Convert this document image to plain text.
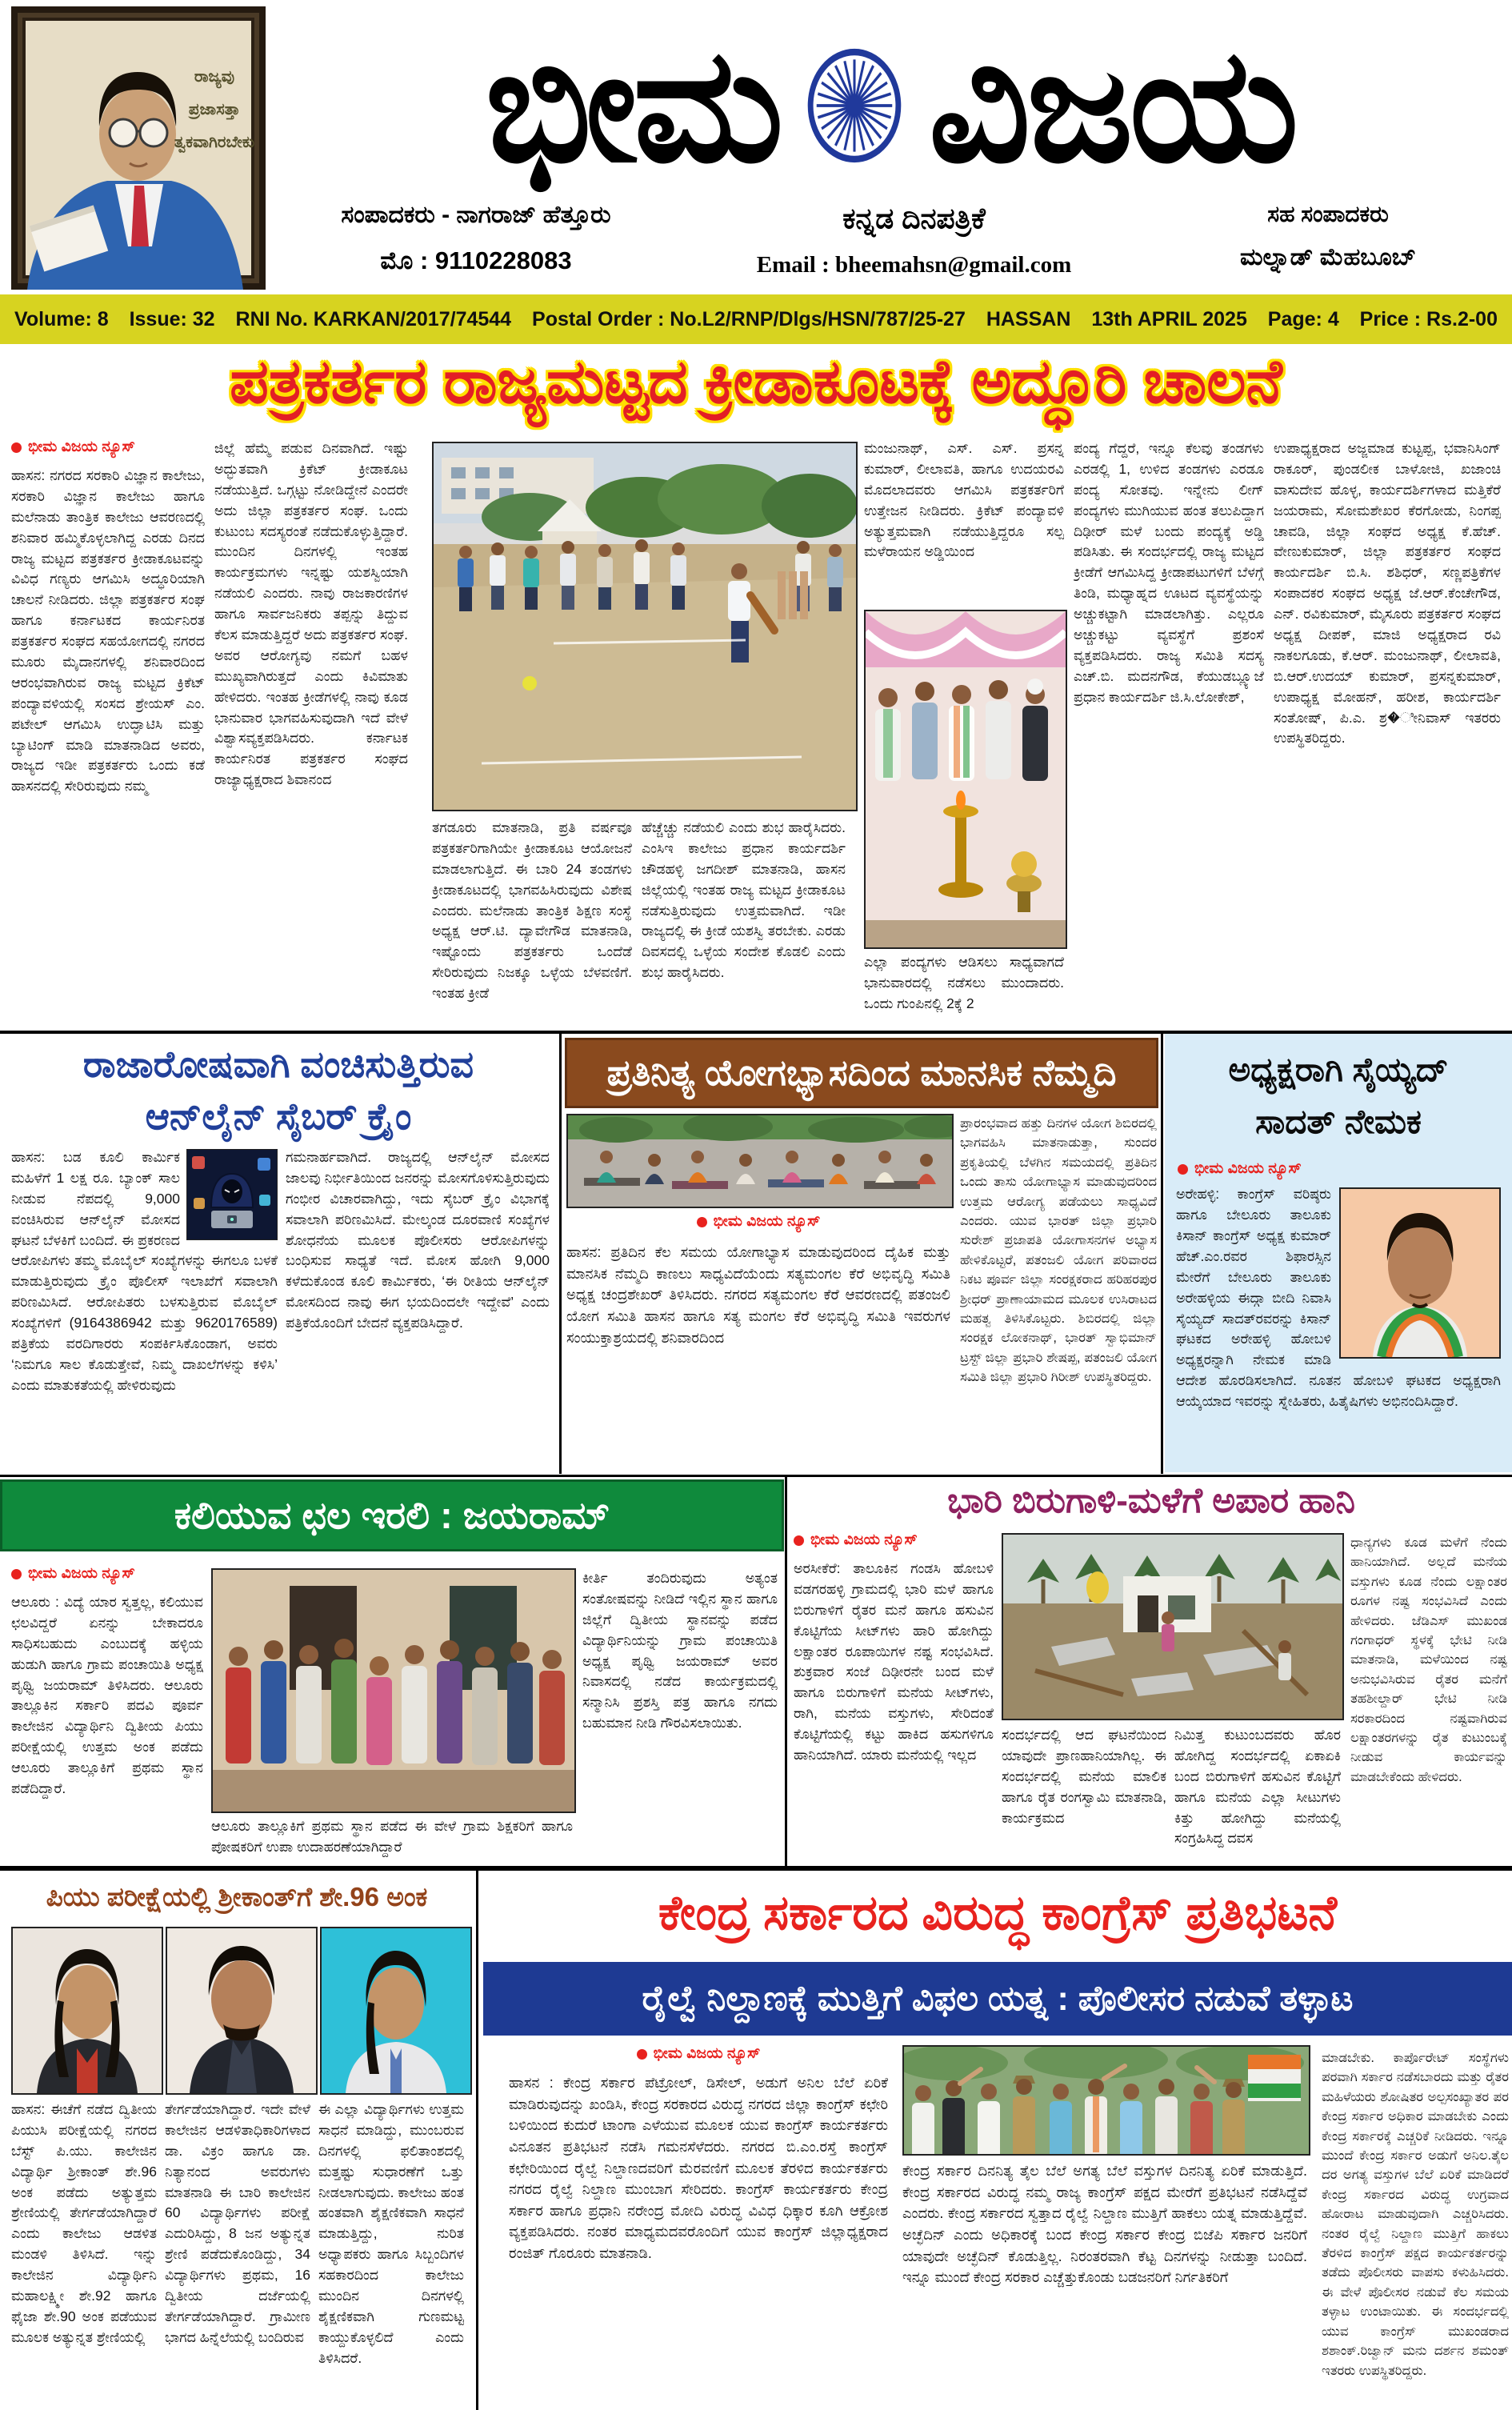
ರಾಜ್ಯವು
ಪ್ರಜಾಸತ್ತಾ
ತ್ವಕವಾಗಿರಬೇಕು ಭೀಮ ವಿಜಯ
ಸಂಪಾದಕರು - ನಾಗರಾಜ್ ಹೆತ್ತೂರು
ಮೊ : 9110228083
ಕನ್ನಡ ದಿನಪತ್ರಿಕೆ
Email : bheemahsn@gmail.com
ಸಹ ಸಂಪಾದಕರು
ಮಲ್ನಾಡ್ ಮೆಹಬೂಬ್
Volume: 8 Issue: 32 RNI No. KARKAN/2017/74544 Postal Order : No.L2/RNP/Dlgs/HSN/787/25-27 HASSAN 13th APRIL 2025 Page: 4 Price : Rs.2-00
ಪತ್ರಕರ್ತರ ರಾಜ್ಯಮಟ್ಟದ ಕ್ರೀಡಾಕೂಟಕ್ಕೆ ಅದ್ಧೂರಿ ಚಾಲನೆ
ಭೀಮ ವಿಜಯ ನ್ಯೂಸ್
ಹಾಸನ: ನಗರದ ಸರಕಾರಿ ವಿಜ್ಞಾನ ಕಾಲೇಜು, ಸರಕಾರಿ ವಿಜ್ಞಾನ ಕಾಲೇಜು ಹಾಗೂ ಮಲೆನಾಡು ತಾಂತ್ರಿಕ ಕಾಲೇಜು ಆವರಣದಲ್ಲಿ ಶನಿವಾರ ಹಮ್ಮಿಕೊಳ್ಳಲಾಗಿದ್ದ ಎರಡು ದಿನದ ರಾಜ್ಯ ಮಟ್ಟದ ಪತ್ರಕರ್ತರ ಕ್ರೀಡಾಕೂಟವನ್ನು ವಿವಿಧ ಗಣ್ಯರು ಆಗಮಿಸಿ ಅದ್ಧೂರಿಯಾಗಿ ಚಾಲನೆ ನೀಡಿದರು. ಜಿಲ್ಲಾ ಪತ್ರಕರ್ತರ ಸಂಘ ಹಾಗೂ ಕರ್ನಾಟಕದ ಕಾರ್ಯನಿರತ ಪತ್ರಕರ್ತರ ಸಂಘದ ಸಹಯೋಗದಲ್ಲಿ ನಗರದ ಮೂರು ಮೈದಾನಗಳಲ್ಲಿ ಶನಿವಾರದಿಂದ ಆರಂಭವಾಗಿರುವ ರಾಜ್ಯ ಮಟ್ಟದ ಕ್ರಿಕೆಟ್ ಪಂದ್ಯಾವಳಿಯಲ್ಲಿ ಸಂಸದ ಶ್ರೇಯಸ್ ಎಂ. ಪಟೇಲ್ ಆಗಮಿಸಿ ಉದ್ಘಾಟಿಸಿ ಮತ್ತು ಬ್ಯಾಟಿಂಗ್ ಮಾಡಿ ಮಾತನಾಡಿದ ಅವರು, ರಾಜ್ಯದ ಇಡೀ ಪತ್ರಕರ್ತರು ಒಂದು ಕಡೆ ಹಾಸನದಲ್ಲಿ ಸೇರಿರುವುದು ನಮ್ಮ
ಜಿಲ್ಲೆ ಹೆಮ್ಮೆ ಪಡುವ ದಿನವಾಗಿದೆ. ಇಷ್ಟು ಅದ್ಭುತವಾಗಿ ಕ್ರಿಕೆಟ್ ಕ್ರೀಡಾಕೂಟ ನಡೆಯುತ್ತಿದೆ. ಒಗ್ಗಟ್ಟು ನೋಡಿದ್ದೇನೆ ಎಂದರೇ ಅದು ಜಿಲ್ಲಾ ಪತ್ರಕರ್ತರ ಸಂಘ. ಒಂದು ಕುಟುಂಬ ಸದಸ್ಯರಂತೆ ನಡೆದುಕೊಳ್ಳುತ್ತಿದ್ದಾರೆ. ಮುಂದಿನ ದಿನಗಳಲ್ಲಿ ಇಂತಹ ಕಾರ್ಯಕ್ರಮಗಳು ಇನ್ನಷ್ಟು ಯಶಸ್ವಿಯಾಗಿ ನಡೆಯಲಿ ಎಂದರು. ನಾವು ರಾಜಕಾರಣಿಗಳ ಹಾಗೂ ಸಾರ್ವಜನಿಕರು ತಪ್ಪನ್ನು ತಿದ್ದುವ ಕೆಲಸ ಮಾಡುತ್ತಿದ್ದರೆ ಅದು ಪತ್ರಕರ್ತರ ಸಂಘ. ಅವರ ಆರೋಗ್ಯವು ನಮಗೆ ಬಹಳ ಮುಖ್ಯವಾಗಿರುತ್ತದೆ ಎಂದು ಕಿವಿಮಾತು ಹೇಳಿದರು. ಇಂತಹ ಕ್ರೀಡೆಗಳಲ್ಲಿ ನಾವು ಕೂಡ ಭಾನುವಾರ ಭಾಗವಹಿಸುವುದಾಗಿ ಇದೆ ವೇಳೆ ವಿಶ್ವಾಸವ್ಯಕ್ತಪಡಿಸಿದರು. ಕರ್ನಾಟಕ ಕಾರ್ಯನಿರತ ಪತ್ರಕರ್ತರ ಸಂಘದ ರಾಜ್ಯಾಧ್ಯಕ್ಷರಾದ ಶಿವಾನಂದ
ತಗಡೂರು ಮಾತನಾಡಿ, ಪ್ರತಿ ವರ್ಷವೂ ಪತ್ರಕರ್ತರಿಗಾಗಿಯೇ ಕ್ರೀಡಾಕೂಟ ಆಯೋಜನೆ ಮಾಡಲಾಗುತ್ತಿದೆ. ಈ ಬಾರಿ 24 ತಂಡಗಳು ಕ್ರೀಡಾಕೂಟದಲ್ಲಿ ಭಾಗವಹಿಸಿರುವುದು ವಿಶೇಷ ಎಂದರು. ಮಲೆನಾಡು ತಾಂತ್ರಿಕ ಶಿಕ್ಷಣ ಸಂಸ್ಥೆ ಅಧ್ಯಕ್ಷ ಆರ್.ಟಿ. ದ್ಯಾವೇಗೌಡ ಮಾತನಾಡಿ, ಇಷ್ಟೊಂದು ಪತ್ರಕರ್ತರು ಒಂದೆಡೆ ಸೇರಿರುವುದು ನಿಜಕ್ಕೂ ಒಳ್ಳೆಯ ಬೆಳವಣಿಗೆ. ಇಂತಹ ಕ್ರೀಡೆ
ಹೆಚ್ಚೆಚ್ಚು ನಡೆಯಲಿ ಎಂದು ಶುಭ ಹಾರೈಸಿದರು. ಎಂಸಿಇ ಕಾಲೇಜು ಪ್ರಧಾನ ಕಾರ್ಯದರ್ಶಿ ಚೌಡಹಳ್ಳಿ ಜಗದೀಶ್ ಮಾತನಾಡಿ, ಹಾಸನ ಜಿಲ್ಲೆಯಲ್ಲಿ ಇಂತಹ ರಾಜ್ಯ ಮಟ್ಟದ ಕ್ರೀಡಾಕೂಟ ನಡೆಸುತ್ತಿರುವುದು ಉತ್ತಮವಾಗಿದೆ. ಇಡೀ ರಾಜ್ಯದಲ್ಲಿ ಈ ಕ್ರೀಡೆ ಯಶಸ್ವಿ ತರಬೇಕು. ಎರಡು ದಿವಸದಲ್ಲಿ ಒಳ್ಳೆಯ ಸಂದೇಶ ಕೊಡಲಿ ಎಂದು ಶುಭ ಹಾರೈಸಿದರು.
ಮಂಜುನಾಥ್, ಎಸ್. ಎಸ್. ಪ್ರಸನ್ನ ಕುಮಾರ್, ಲೀಲಾವತಿ, ಹಾಗೂ ಉದಯರವಿ ಮೊದಲಾದವರು ಆಗಮಿಸಿ ಪತ್ರಕರ್ತರಿಗೆ ಉತ್ತೇಜನ ನೀಡಿದರು. ಕ್ರಿಕೆಟ್ ಪಂದ್ಯಾವಳಿ ಅತ್ಯುತ್ತಮವಾಗಿ ನಡೆಯುತ್ತಿದ್ದರೂ ಸಲ್ಪ ಮಳೆರಾಯನ ಅಡ್ಡಿಯಿಂದ
ಎಲ್ಲಾ ಪಂದ್ಯಗಳು ಆಡಿಸಲು ಸಾಧ್ಯವಾಗದೆ ಭಾನುವಾರದಲ್ಲಿ ನಡೆಸಲು ಮುಂದಾದರು. ಒಂದು ಗುಂಪಿನಲ್ಲಿ 2ಕ್ಕೆ 2
ಪಂದ್ಯ ಗೆದ್ದರೆ, ಇನ್ನೂ ಕೆಲವು ತಂಡಗಳು ಎರಡಲ್ಲಿ 1, ಉಳಿದ ತಂಡಗಳು ಎರಡೂ ಪಂದ್ಯ ಸೋತವು. ಇನ್ನೇನು ಲೀಗ್ ಪಂದ್ಯಗಳು ಮುಗಿಯುವ ಹಂತ ತಲುಪಿದ್ದಾಗ ದಿಢೀರ್ ಮಳೆ ಬಂದು ಪಂದ್ಯಕ್ಕೆ ಅಡ್ಡಿ ಪಡಿಸಿತು. ಈ ಸಂದರ್ಭದಲ್ಲಿ ರಾಜ್ಯ ಮಟ್ಟದ ಕ್ರೀಡೆಗೆ ಆಗಮಿಸಿದ್ದ ಕ್ರೀಡಾಪಟುಗಳಿಗೆ ಬೆಳಗ್ಗೆ ತಿಂಡಿ, ಮಧ್ಯಾಹ್ನದ ಊಟದ ವ್ಯವಸ್ಥೆಯನ್ನು ಅಚ್ಚುಕಟ್ಟಾಗಿ ಮಾಡಲಾಗಿತ್ತು. ಎಲ್ಲರೂ ಅಚ್ಚುಕಟ್ಟು ವ್ಯವಸ್ಥೆಗೆ ಪ್ರಶಂಸೆ ವ್ಯಕ್ತಪಡಿಸಿದರು. ರಾಜ್ಯ ಸಮಿತಿ ಸದಸ್ಯ ಎಚ್.ಬಿ. ಮದನಗೌಡ, ಕೆಯುಡಬ್ಲ್ಯೂಜೆ ಪ್ರಧಾನ ಕಾರ್ಯದರ್ಶಿ ಜಿ.ಸಿ.ಲೋಕೇಶ್,
ಉಪಾಧ್ಯಕ್ಷರಾದ ಅಜ್ಜಮಾಡ ಕುಟ್ಟಪ್ಪ, ಭವಾನಿಸಿಂಗ್ ರಾಕೂರ್, ಪುಂಡಲೀಕ ಬಾಳೋಜಿ, ಖಜಾಂಚಿ ವಾಸುದೇವ ಹೊಳ್ಳ, ಕಾರ್ಯದರ್ಶಿಗಳಾದ ಮತ್ತಿಕೆರೆ ಜಯರಾಮ, ಸೋಮಶೇಖರ ಕೆರಗೋಡು, ನಿಂಗಪ್ಪ ಚಾವಡಿ, ಜಿಲ್ಲಾ ಸಂಘದ ಅಧ್ಯಕ್ಷ ಕೆ.ಹೆಚ್. ವೇಣುಕುಮಾರ್, ಜಿಲ್ಲಾ ಪತ್ರಕರ್ತರ ಸಂಘದ ಕಾರ್ಯದರ್ಶಿ ಬಿ.ಸಿ. ಶಶಿಧರ್, ಸಣ್ಣಪತ್ರಿಕೆಗಳ ಸಂಪಾದಕರ ಸಂಘದ ಅಧ್ಯಕ್ಷ ಜೆ.ಆರ್.ಕೆಂಚೇಗೌಡ, ಎನ್. ರವಿಕುಮಾರ್, ಮೈಸೂರು ಪತ್ರಕರ್ತರ ಸಂಘದ ಅಧ್ಯಕ್ಷ ದೀಪಕ್, ಮಾಜಿ ಅಧ್ಯಕ್ಷರಾದ ರವಿ ನಾಕಲಗೂಡು, ಕೆ.ಆರ್. ಮಂಜುನಾಥ್, ಲೀಲಾವತಿ, ಬಿ.ಆರ್.ಉದಯ್ ಕುಮಾರ್, ಪ್ರಸನ್ನಕುಮಾರ್, ಉಪಾಧ್ಯಕ್ಷ ಮೋಹನ್, ಹರೀಶ, ಕಾರ್ಯದರ್ಶಿ ಸಂತೋಷ್, ಪಿ.ಎ. ಶ್ರ�ೀನಿವಾಸ್ ಇತರರು ಉಪಸ್ಥಿತರಿದ್ದರು.
ರಾಜಾರೋಷವಾಗಿ ವಂಚಿಸುತ್ತಿರುವ
ಆನ್‌ಲೈನ್ ಸೈಬರ್ ಕ್ರೈಂ
ಹಾಸನ: ಬಡ ಕೂಲಿ ಕಾರ್ಮಿಕ ಮಹಿಳೆಗೆ 1 ಲಕ್ಷ ರೂ. ಬ್ಯಾಂಕ್ ಸಾಲ ನೀಡುವ ನೆಪದಲ್ಲಿ 9,000 ವಂಚಿಸಿರುವ ಆನ್‌ಲೈನ್ ಮೋಸದ ಘಟನೆ ಬೆಳಕಿಗೆ ಬಂದಿದೆ. ಈ ಪ್ರಕರಣದ ಆರೋಪಿಗಳು ತಮ್ಮ ಮೊಬೈಲ್ ಸಂಖ್ಯೆಗಳನ್ನು ಈಗಲೂ ಬಳಕೆ ಮಾಡುತ್ತಿರುವುದು ಕ್ರೈಂ ಪೊಲೀಸ್ ಇಲಾಖೆಗೆ ಸವಾಲಾಗಿ ಪರಿಣಮಿಸಿದೆ. ಆರೋಪಿತರು ಬಳಸುತ್ತಿರುವ ಮೊಬೈಲ್ ಸಂಖ್ಯೆಗಳಿಗೆ (9164386942 ಮತ್ತು 9620176589) ಪತ್ರಿಕೆಯ ವರದಿಗಾರರು ಸಂಪರ್ಕಿಸಿಕೊಂಡಾಗ, ಅವರು ‘ನಿಮಗೂ ಸಾಲ ಕೊಡುತ್ತೇವೆ, ನಿಮ್ಮ ದಾಖಲೆಗಳನ್ನು ಕಳಿಸಿ’ ಎಂದು ಮಾತುಕತೆಯಲ್ಲಿ ಹೇಳಿರುವುದು
ಗಮನಾರ್ಹವಾಗಿದೆ. ರಾಜ್ಯದಲ್ಲಿ ಆನ್‌ಲೈನ್ ಮೋಸದ ಜಾಲವು ನಿರ್ಭೀತಿಯಿಂದ ಜನರನ್ನು ಮೋಸಗೊಳಿಸುತ್ತಿರುವುದು ಗಂಭೀರ ವಿಚಾರವಾಗಿದ್ದು, ಇದು ಸೈಬರ್ ಕ್ರೈಂ ವಿಭಾಗಕ್ಕೆ ಸವಾಲಾಗಿ ಪರಿಣಮಿಸಿದೆ. ಮೇಲ್ಕಂಡ ದೂರವಾಣಿ ಸಂಖ್ಯೆಗಳ ಶೋಧನೆಯ ಮೂಲಕ ಪೊಲೀಸರು ಆರೋಪಿಗಳನ್ನು ಬಂಧಿಸುವ ಸಾಧ್ಯತೆ ಇದೆ. ಮೋಸ ಹೋಗಿ 9,000 ಕಳೆದುಕೊಂಡ ಕೂಲಿ ಕಾರ್ಮಿಕರು, ‘ಈ ರೀತಿಯ ಆನ್‌ಲೈನ್ ಮೋಸದಿಂದ ನಾವು ಈಗ ಭಯದಿಂದಲೇ ಇದ್ದೇವೆ’ ಎಂದು ಪತ್ರಿಕೆಯೊಂದಿಗೆ ಬೇದನೆ ವ್ಯಕ್ತಪಡಿಸಿದ್ದಾರೆ.
ಪ್ರತಿನಿತ್ಯ ಯೋಗಭ್ಯಾಸದಿಂದ ಮಾನಸಿಕ ನೆಮ್ಮದಿ
ಭೀಮ ವಿಜಯ ನ್ಯೂಸ್
ಹಾಸನ: ಪ್ರತಿದಿನ ಕೆಲ ಸಮಯ ಯೋಗಾಭ್ಯಾಸ ಮಾಡುವುದರಿಂದ ದೈಹಿಕ ಮತ್ತು ಮಾನಸಿಕ ನೆಮ್ಮದಿ ಕಾಣಲು ಸಾಧ್ಯವಿದೆಯೆಂದು ಸತ್ಯಮಂಗಲ ಕೆರೆ ಅಭಿವೃದ್ಧಿ ಸಮಿತಿ ಅಧ್ಯಕ್ಷ ಚಂದ್ರಶೇಖರ್ ತಿಳಿಸಿದರು. ನಗರದ ಸತ್ಯಮಂಗಲ ಕೆರೆ ಆವರಣದಲ್ಲಿ ಪತಂಜಲಿ ಯೋಗ ಸಮಿತಿ ಹಾಸನ ಹಾಗೂ ಸತ್ಯ ಮಂಗಲ ಕೆರೆ ಅಭಿವೃದ್ಧಿ ಸಮಿತಿ ಇವರುಗಳ ಸಂಯುಕ್ತಾಶ್ರಯದಲ್ಲಿ ಶನಿವಾರದಿಂದ
ಪ್ರಾರಂಭವಾದ ಹತ್ತು ದಿನಗಳ ಯೋಗ ಶಿಬಿರದಲ್ಲಿ ಭಾಗವಹಿಸಿ ಮಾತನಾಡುತ್ತಾ, ಸುಂದರ ಪ್ರಕೃತಿಯಲ್ಲಿ ಬೆಳಗಿನ ಸಮಯದಲ್ಲಿ ಪ್ರತಿದಿನ ಒಂದು ತಾಸು ಯೋಗಾಭ್ಯಾಸ ಮಾಡುವುದರಿಂದ ಉತ್ತಮ ಆರೋಗ್ಯ ಪಡೆಯಲು ಸಾಧ್ಯವಿದೆ ಎಂದರು. ಯುವ ಭಾರತ್ ಜಿಲ್ಲಾ ಪ್ರಭಾರಿ ಸುರೇಶ್ ಪ್ರಜಾಪತಿ ಯೋಗಾಸನಗಳ ಅಭ್ಯಾಸ ಹೇಳಿಕೊಟ್ಟರೆ, ಪತಂಜಲಿ ಯೋಗ ಪರಿವಾರದ ನಿಕಟ ಪೂರ್ವ ಜಿಲ್ಲಾ ಸಂರಕ್ಷಕರಾದ ಹರಿಹರಪುರ ಶ್ರೀಧರ್ ಪ್ರಾಣಾಯಾಮದ ಮೂಲಕ ಉಸಿರಾಟದ ಮಹತ್ವ ತಿಳಿಸಿಕೊಟ್ಟರು. ಶಿಬಿರದಲ್ಲಿ ಜಿಲ್ಲಾ ಸಂರಕ್ಷಕ ಲೋಕನಾಥ್, ಭಾರತ್ ಸ್ವಾಭಿಮಾನ್ ಟ್ರಸ್ಟ್ ಜಿಲ್ಲಾ ಪ್ರಭಾರಿ ಶೇಷಪ್ಪ, ಪತಂಜಲಿ ಯೋಗ ಸಮಿತಿ ಜಿಲ್ಲಾ ಪ್ರಭಾರಿ ಗಿರೀಶ್ ಉಪಸ್ಥಿತರಿದ್ದರು.
ಅಧ್ಯಕ್ಷರಾಗಿ ಸೈಯ್ಯದ್
ಸಾದತ್ ನೇಮಕ
ಭೀಮ ವಿಜಯ ನ್ಯೂಸ್
ಅರೇಹಳ್ಳಿ: ಕಾಂಗ್ರೆಸ್ ವರಿಷ್ಠರು ಹಾಗೂ ಬೇಲೂರು ತಾಲೂಕು ಕಿಸಾನ್ ಕಾಂಗ್ರೆಸ್ ಅಧ್ಯಕ್ಷ ಕುಮಾರ್ ಹೆಚ್.ಎಂ.ರವರ ಶಿಫಾರಸ್ಸಿನ ಮೇರೆಗೆ ಬೇಲೂರು ತಾಲೂಕು ಅರೇಹಳ್ಳಿಯ ಈದ್ಗಾ ಬೀದಿ ನಿವಾಸಿ ಸೈಯ್ಯದ್ ಸಾದತ್‌ರವರನ್ನು ಕಿಸಾನ್ ಘಟಕದ ಅರೇಹಳ್ಳಿ ಹೋಬಳಿ ಅಧ್ಯಕ್ಷರನ್ನಾಗಿ ನೇಮಕ ಮಾಡಿ ಆದೇಶ ಹೊರಡಿಸಲಾಗಿದೆ. ನೂತನ ಹೋಬಳಿ ಘಟಕದ ಅಧ್ಯಕ್ಷರಾಗಿ ಆಯ್ಕೆಯಾದ ಇವರನ್ನು ಸ್ನೇಹಿತರು, ಹಿತೈಷಿಗಳು ಅಭಿನಂದಿಸಿದ್ದಾರೆ.
ಕಲಿಯುವ ಛಲ ಇರಲಿ : ಜಯರಾಮ್
ಭೀಮ ವಿಜಯ ನ್ಯೂಸ್
ಆಲೂರು : ವಿದ್ಯೆ ಯಾರ ಸ್ವತ್ತಲ್ಲ, ಕಲಿಯುವ ಛಲವಿದ್ದರೆ ಏನನ್ನು ಬೇಕಾದರೂ ಸಾಧಿಸಬಹುದು ಎಂಬುದಕ್ಕೆ ಹಳ್ಳಿಯ ಹುಡುಗಿ ಹಾಗೂ ಗ್ರಾಮ ಪಂಚಾಯಿತಿ ಅಧ್ಯಕ್ಷ ಪೃಥ್ವಿ ಜಯರಾಮ್ ತಿಳಿಸಿದರು. ಆಲೂರು ತಾಲ್ಲೂಕಿನ ಸರ್ಕಾರಿ ಪದವಿ ಪೂರ್ವ ಕಾಲೇಜಿನ ವಿದ್ಯಾರ್ಥಿನಿ ದ್ವಿತೀಯ ಪಿಯು ಪರೀಕ್ಷೆಯಲ್ಲಿ ಉತ್ತಮ ಅಂಕ ಪಡೆದು ಆಲೂರು ತಾಲ್ಲೂಕಿಗೆ ಪ್ರಥಮ ಸ್ಥಾನ ಪಡೆದಿದ್ದಾರೆ.
ಆಲೂರು ತಾಲ್ಲೂಕಿಗೆ ಪ್ರಥಮ ಸ್ಥಾನ ಪಡೆದ ಈ ವೇಳೆ ಗ್ರಾಮ ಶಿಕ್ಷಕರಿಗೆ ಹಾಗೂ ಪೋಷಕರಿಗೆ ಉಪಾ ಉದಾಹರಣೆಯಾಗಿದ್ದಾರೆ
ಕೀರ್ತಿ ತಂದಿರುವುದು ಅತ್ಯಂತ ಸಂತೋಷವನ್ನು ನೀಡಿದೆ ಇಲ್ಲಿನ ಸ್ಥಾನ ಹಾಗೂ ಜಿಲ್ಲೆಗೆ ದ್ವಿತೀಯ ಸ್ಥಾನವನ್ನು ಪಡೆದ ವಿದ್ಯಾರ್ಥಿನಿಯನ್ನು ಗ್ರಾಮ ಪಂಚಾಯಿತಿ ಅಧ್ಯಕ್ಷ ಪೃಥ್ವಿ ಜಯರಾಮ್ ಅವರ ನಿವಾಸದಲ್ಲಿ ನಡೆದ ಕಾರ್ಯಕ್ರಮದಲ್ಲಿ ಸನ್ಮಾನಿಸಿ ಪ್ರಶಸ್ತಿ ಪತ್ರ ಹಾಗೂ ನಗದು ಬಹುಮಾನ ನೀಡಿ ಗೌರವಿಸಲಾಯಿತು.
ಭಾರಿ ಬಿರುಗಾಳಿ-ಮಳೆಗೆ ಅಪಾರ ಹಾನಿ
ಭೀಮ ವಿಜಯ ನ್ಯೂಸ್
ಅರಸೀಕೆರೆ: ತಾಲೂಕಿನ ಗಂಡಸಿ ಹೋಬಳಿ ವಡಗರಹಳ್ಳಿ ಗ್ರಾಮದಲ್ಲಿ ಭಾರಿ ಮಳೆ ಹಾಗೂ ಬಿರುಗಾಳಿಗೆ ರೈತರ ಮನೆ ಹಾಗೂ ಹಸುವಿನ ಕೊಟ್ಟಿಗೆಯ ಸೀಟ್‌ಗಳು ಹಾರಿ ಹೋಗಿದ್ದು ಲಕ್ಷಾಂತರ ರೂಪಾಯಿಗಳ ನಷ್ಟ ಸಂಭವಿಸಿದೆ. ಶುಕ್ರವಾರ ಸಂಜೆ ದಿಢೀರನೇ ಬಂದ ಮಳೆ ಹಾಗೂ ಬಿರುಗಾಳಿಗೆ ಮನೆಯ ಸೀಟ್‌ಗಳು, ರಾಗಿ, ಮನೆಯ ವಸ್ತುಗಳು, ಸೇರಿದಂತೆ ಕೊಟ್ಟಿಗೆಯಲ್ಲಿ ಕಟ್ಟು ಹಾಕಿದ ಹಸುಗಳಿಗೂ ಹಾನಿಯಾಗಿದೆ. ಯಾರು ಮನೆಯಲ್ಲಿ ಇಲ್ಲದ
ಸಂದರ್ಭದಲ್ಲಿ ಆದ ಘಟನೆಯಿಂದ ಯಾವುದೇ ಪ್ರಾಣಹಾನಿಯಾಗಿಲ್ಲ. ಈ ಸಂದರ್ಭದಲ್ಲಿ ಮನೆಯ ಮಾಲಿಕ ಹಾಗೂ ರೈತ ರಂಗಸ್ವಾಮಿ ಮಾತನಾಡಿ, ಕಾರ್ಯಕ್ರಮದ
ನಿಮಿತ್ತ ಕುಟುಂಬದವರು ಹೊರ ಹೋಗಿದ್ದ ಸಂದರ್ಭದಲ್ಲಿ ಏಕಾಏಕಿ ಬಂದ ಬಿರುಗಾಳಿಗೆ ಹಸುವಿನ ಕೊಟ್ಟಿಗೆ ಹಾಗೂ ಮನೆಯ ಎಲ್ಲಾ ಸೀಟುಗಳು ಕಿತ್ತು ಹೋಗಿದ್ದು ಮನೆಯಲ್ಲಿ ಸಂಗ್ರಹಿಸಿದ್ದ ದವಸ
ಧಾನ್ಯಗಳು ಕೂಡ ಮಳೆಗೆ ನೆಂದು ಹಾನಿಯಾಗಿದೆ. ಅಲ್ಲದೆ ಮನೆಯ ವಸ್ತುಗಳು ಕೂಡ ನೆಂದು ಲಕ್ಷಾಂತರ ರೂಗಳ ನಷ್ಟ ಸಂಭವಿಸಿದೆ ಎಂದು ಹೇಳಿದರು. ಜೆಡಿಎಸ್ ಮುಖಂಡ ಗಂಗಾಧರ್ ಸ್ಥಳಕ್ಕೆ ಭೇಟಿ ನೀಡಿ ಮಾತನಾಡಿ, ಮಳೆಯಿಂದ ನಷ್ಟ ಅನುಭವಿಸಿರುವ ರೈತರ ಮನೆಗೆ ತಹಶೀಲ್ದಾರ್ ಭೇಟಿ ನೀಡಿ ಸರಕಾರದಿಂದ ನಷ್ಟವಾಗಿರುವ ಲಕ್ಷಾಂತರಗಳನ್ನು ರೈತ ಕುಟುಂಬಕ್ಕೆ ನೀಡುವ ಕಾರ್ಯವನ್ನು ಮಾಡಬೇಕೆಂದು ಹೇಳಿದರು.
ಪಿಯು ಪರೀಕ್ಷೆಯಲ್ಲಿ ಶ್ರೀಕಾಂತ್‌ಗೆ ಶೇ.96 ಅಂಕ
ಹಾಸನ: ಈಚೆಗೆ ನಡೆದ ದ್ವಿತೀಯ ಪಿಯುಸಿ ಪರೀಕ್ಷೆಯಲ್ಲಿ ನಗರದ ಬೆಸ್ಟ್ ಪಿ.ಯು. ಕಾಲೇಜಿನ ವಿದ್ಯಾರ್ಥಿ ಶ್ರೀಕಾಂತ್ ಶೇ.96 ಅಂಕ ಪಡೆದು ಅತ್ಯುತ್ತಮ ಶ್ರೇಣಿಯಲ್ಲಿ ತೇರ್ಗಡೆಯಾಗಿದ್ದಾರೆ ಎಂದು ಕಾಲೇಜು ಆಡಳಿತ ಮಂಡಳಿ ತಿಳಿಸಿದೆ. ಇನ್ನು ಕಾಲೇಜಿನ ವಿದ್ಯಾರ್ಥಿನಿ ಮಹಾಲಕ್ಷ್ಮೀ ಶೇ.92 ಹಾಗೂ ಫೈಜಾ ಶೇ.90 ಅಂಕ ಪಡೆಯುವ ಮೂಲಕ ಅತ್ಯುನ್ನತ ಶ್ರೇಣಿಯಲ್ಲಿ
ತೇರ್ಗಡೆಯಾಗಿದ್ದಾರೆ. ಇದೇ ವೇಳೆ ಕಾಲೇಜಿನ ಆಡಳಿತಾಧಿಕಾರಿಗಳಾದ ಡಾ. ವಿಕ್ರಂ ಹಾಗೂ ಡಾ. ನಿತ್ಯಾನಂದ ಅವರುಗಳು ಮಾತನಾಡಿ ಈ ಬಾರಿ ಕಾಲೇಜಿನ 60 ವಿದ್ಯಾರ್ಥಿಗಳು ಪರೀಕ್ಷೆ ಎದುರಿಸಿದ್ದು, 8 ಜನ ಅತ್ಯುನ್ನತ ಶ್ರೇಣಿ ಪಡೆದುಕೊಂಡಿದ್ದು, 34 ವಿದ್ಯಾರ್ಥಿಗಳು ಪ್ರಥಮ, 16 ದ್ವಿತೀಯ ದರ್ಜೆಯಲ್ಲಿ ತೇರ್ಗಡೆಯಾಗಿದ್ದಾರೆ. ಗ್ರಾಮೀಣ ಭಾಗದ ಹಿನ್ನೆಲೆಯಲ್ಲಿ ಬಂದಿರುವ
ಈ ಎಲ್ಲಾ ವಿದ್ಯಾರ್ಥಿಗಳು ಉತ್ತಮ ಸಾಧನೆ ಮಾಡಿದ್ದು, ಮುಂಬರುವ ದಿನಗಳಲ್ಲಿ ಫಲಿತಾಂಶದಲ್ಲಿ ಮತ್ತಷ್ಟು ಸುಧಾರಣೆಗೆ ಒತ್ತು ನೀಡಲಾಗುವುದು. ಕಾಲೇಜು ಹಂತ ಹಂತವಾಗಿ ಶೈಕ್ಷಣಿಕವಾಗಿ ಸಾಧನೆ ಮಾಡುತ್ತಿದ್ದು, ನುರಿತ ಅಧ್ಯಾಪಕರು ಹಾಗೂ ಸಿಬ್ಬಂದಿಗಳ ಸಹಕಾರದಿಂದ ಕಾಲೇಜು ಮುಂದಿನ ದಿನಗಳಲ್ಲಿ ಶೈಕ್ಷಣಿಕವಾಗಿ ಗುಣಮಟ್ಟ ಕಾಯ್ದುಕೊಳ್ಳಲಿದೆ ಎಂದು ತಿಳಿಸಿದರೆ.
ಕೇಂದ್ರ ಸರ್ಕಾರದ ವಿರುದ್ಧ ಕಾಂಗ್ರೆಸ್ ಪ್ರತಿಭಟನೆ
ರೈಲ್ವೆ ನಿಲ್ದಾಣಕ್ಕೆ ಮುತ್ತಿಗೆ ವಿಫಲ ಯತ್ನ : ಪೊಲೀಸರ ನಡುವೆ ತಳ್ಳಾಟ
ಭೀಮ ವಿಜಯ ನ್ಯೂಸ್
ಹಾಸನ : ಕೇಂದ್ರ ಸರ್ಕಾರ ಪೆಟ್ರೋಲ್, ಡಿಸೇಲ್, ಅಡುಗೆ ಅನಿಲ ಬೆಲೆ ಏರಿಕೆ ಮಾಡಿರುವುದನ್ನು ಖಂಡಿಸಿ, ಕೇಂದ್ರ ಸರಕಾರದ ವಿರುದ್ಧ ನಗರದ ಜಿಲ್ಲಾ ಕಾಂಗ್ರೆಸ್ ಕಛೇರಿ ಬಳಿಯಿಂದ ಕುದುರೆ ಟಾಂಗಾ ಎಳೆಯುವ ಮೂಲಕ ಯುವ ಕಾಂಗ್ರೆಸ್ ಕಾರ್ಯಕರ್ತರು ವಿನೂತನ ಪ್ರತಿಭಟನೆ ನಡೆಸಿ ಗಮನಸೆಳೆದರು. ನಗರದ ಬಿ.ಎಂ.ರಸ್ತೆ ಕಾಂಗ್ರೆಸ್ ಕಛೇರಿಯಿಂದ ರೈಲ್ವೆ ನಿಲ್ದಾಣದವರಿಗೆ ಮೆರವಣಿಗೆ ಮೂಲಕ ತೆರಳಿದ ಕಾರ್ಯಕರ್ತರು ನಗರದ ರೈಲ್ವೆ ನಿಲ್ದಾಣ ಮುಂಬಾಗ ಸೇರಿದರು. ಕಾಂಗ್ರೆಸ್ ಕಾರ್ಯಕರ್ತರು ಕೇಂದ್ರ ಸರ್ಕಾರ ಹಾಗೂ ಪ್ರಧಾನಿ ನರೇಂದ್ರ ಮೋದಿ ವಿರುದ್ಧ ವಿವಿಧ ಧಿಕ್ಕಾರ ಕೂಗಿ ಆಕ್ರೋಶ ವ್ಯಕ್ತಪಡಿಸಿದರು. ನಂತರ ಮಾಧ್ಯಮದವರೊಂದಿಗೆ ಯುವ ಕಾಂಗ್ರೆಸ್ ಜಿಲ್ಲಾಧ್ಯಕ್ಷರಾದ ರಂಜಿತ್ ಗೊರೂರು ಮಾತನಾಡಿ.
ಕೇಂದ್ರ ಸರ್ಕಾರ ದಿನನಿತ್ಯ ತೈಲ ಬೆಲೆ ಅಗತ್ಯ ಬೆಲೆ ವಸ್ತುಗಳ ದಿನನಿತ್ಯ ಏರಿಕೆ ಮಾಡುತ್ತಿದೆ. ಕೇಂದ್ರ ಸರ್ಕಾರದ ವಿರುದ್ಧ ನಮ್ಮ ರಾಜ್ಯ ಕಾಂಗ್ರೆಸ್ ಪಕ್ಷದ ಮೇರೆಗೆ ಪ್ರತಿಭಟನೆ ನಡೆಸಿದ್ದೆವೆ ಎಂದರು. ಕೇಂದ್ರ ಸರ್ಕಾರದ ಸ್ವತ್ತಾದ ರೈಲ್ವೆ ನಿಲ್ದಾಣ ಮುತ್ತಿಗೆ ಹಾಕಲು ಯತ್ನ ಮಾಡುತ್ತಿದ್ದೆವೆ. ಅಚ್ಛೆದಿನ್ ಎಂದು ಅಧಿಕಾರಕ್ಕೆ ಬಂದ ಕೇಂದ್ರ ಸರ್ಕಾರ ಕೇಂದ್ರ ಬಿಜೆಪಿ ಸರ್ಕಾರ ಜನರಿಗೆ ಯಾವುದೇ ಅಚ್ಛೆದಿನ್ ಕೊಡುತ್ತಿಲ್ಲ. ನಿರಂತರವಾಗಿ ಕೆಟ್ಟ ದಿನಗಳನ್ನು ನೀಡುತ್ತಾ ಬಂದಿದೆ. ಇನ್ನೂ ಮುಂದೆ ಕೇಂದ್ರ ಸರಕಾರ ಎಚ್ಚೆತ್ತುಕೊಂಡು ಬಡಜನರಿಗೆ ನಿರ್ಗತಿಕರಿಗೆ
ಮಾಡಬೇಕು. ಕಾರ್ಪೊರೇಟ್ ಸಂಸ್ಥೆಗಳು ಪರವಾಗಿ ಸರ್ಕಾರ ನಡೆಸಬಾರದು ಮತ್ತು ರೈತರ ಮಹಿಳೆಯರು ಶೋಷಿತರ ಅಲ್ಪಸಂಖ್ಯಾತರ ಪರ ಕೇಂದ್ರ ಸರ್ಕಾರ ಅಧಿಕಾರ ಮಾಡಬೇಕು ಎಂದು ಕೇಂದ್ರ ಸರ್ಕಾರಕ್ಕೆ ಎಚ್ಚರಿಕೆ ನೀಡಿದರು. ಇನ್ನೂ ಮುಂದೆ ಕೇಂದ್ರ ಸರ್ಕಾರ ಅಡುಗೆ ಅನಿಲ.ತೈಲ ದರ ಅಗತ್ಯ ವಸ್ತುಗಳ ಬೆಲೆ ಏರಿಕೆ ಮಾಡಿದರೆ ಕೇಂದ್ರ ಸರ್ಕಾರದ ವಿರುದ್ಧ ಉಗ್ರವಾದ ಹೋರಾಟ ಮಾಡುವುದಾಗಿ ಎಚ್ಚರಿಸಿದರು. ನಂತರ ರೈಲ್ವೆ ನಿಲ್ದಾಣ ಮುತ್ತಿಗೆ ಹಾಕಲು ತೆರಳಿದ ಕಾಂಗ್ರೆಸ್ ಪಕ್ಷದ ಕಾರ್ಯಕರ್ತರನ್ನು ತಡೆದು ಪೊಲೀಸರು ವಾಪಸು ಕಳುಹಿಸಿದರು. ಈ ವೇಳೆ ಪೊಲೀಸರ ನಡುವೆ ಕೆಲ ಸಮಯ ತಳ್ಳಾಟ ಉಂಟಾಯಿತು. ಈ ಸಂದರ್ಭದಲ್ಲಿ ಯುವ ಕಾಂಗ್ರೆಸ್ ಮುಖಂಡರಾದ ಶಶಾಂಕ್.ರಿಜ್ವಾನ್ ಮನು ದರ್ಶನ ಶಮಂತ್ ಇತರರು ಉಪಸ್ಥಿತರಿದ್ದರು.
